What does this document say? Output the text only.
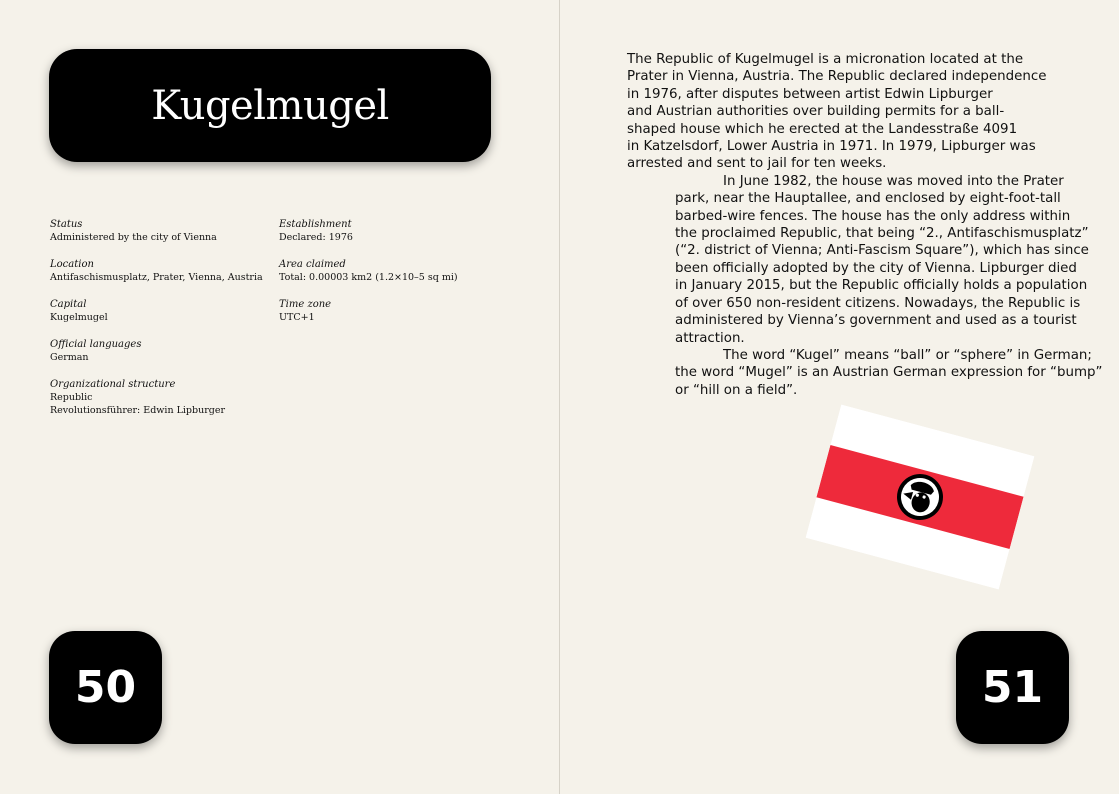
Kugelmugel
Status
Administered by the city of Vienna
Location
Antifaschismusplatz, Prater, Vienna, Austria
Capital
Kugelmugel
Official languages
German
Organizational structure
Republic
Revolutionsführer: Edwin Lipburger
Establishment
Declared: 1976
Area claimed
Total: 0.00003 km2 (1.2×10–5 sq mi)
Time zone
UTC+1
50

The Republic of Kugelmugel is a micronation located at the
Prater in Vienna, Austria. The Republic declared independence
in 1976, after disputes between artist Edwin Lipburger
and Austrian authorities over building permits for a ball-
shaped house which he erected at the Landesstraße 4091
in Katzelsdorf, Lower Austria in 1971. In 1979, Lipburger was
arrested and sent to jail for ten weeks.

In June 1982, the house was moved into the Prater
park, near the Hauptallee, and enclosed by eight-foot-tall
barbed-wire fences. The house has the only address within
the proclaimed Republic, that being “2., Antifaschismusplatz”
(“2. district of Vienna; Anti-Fascism Square”), which has since
been officially adopted by the city of Vienna. Lipburger died
in January 2015, but the Republic officially holds a population
of over 650 non-resident citizens. Nowadays, the Republic is
administered by Vienna’s government and used as a tourist
attraction.

The word “Kugel” means “ball” or “sphere” in German;
the word “Mugel” is an Austrian German expression for “bump”
or “hill on a field”.

51
